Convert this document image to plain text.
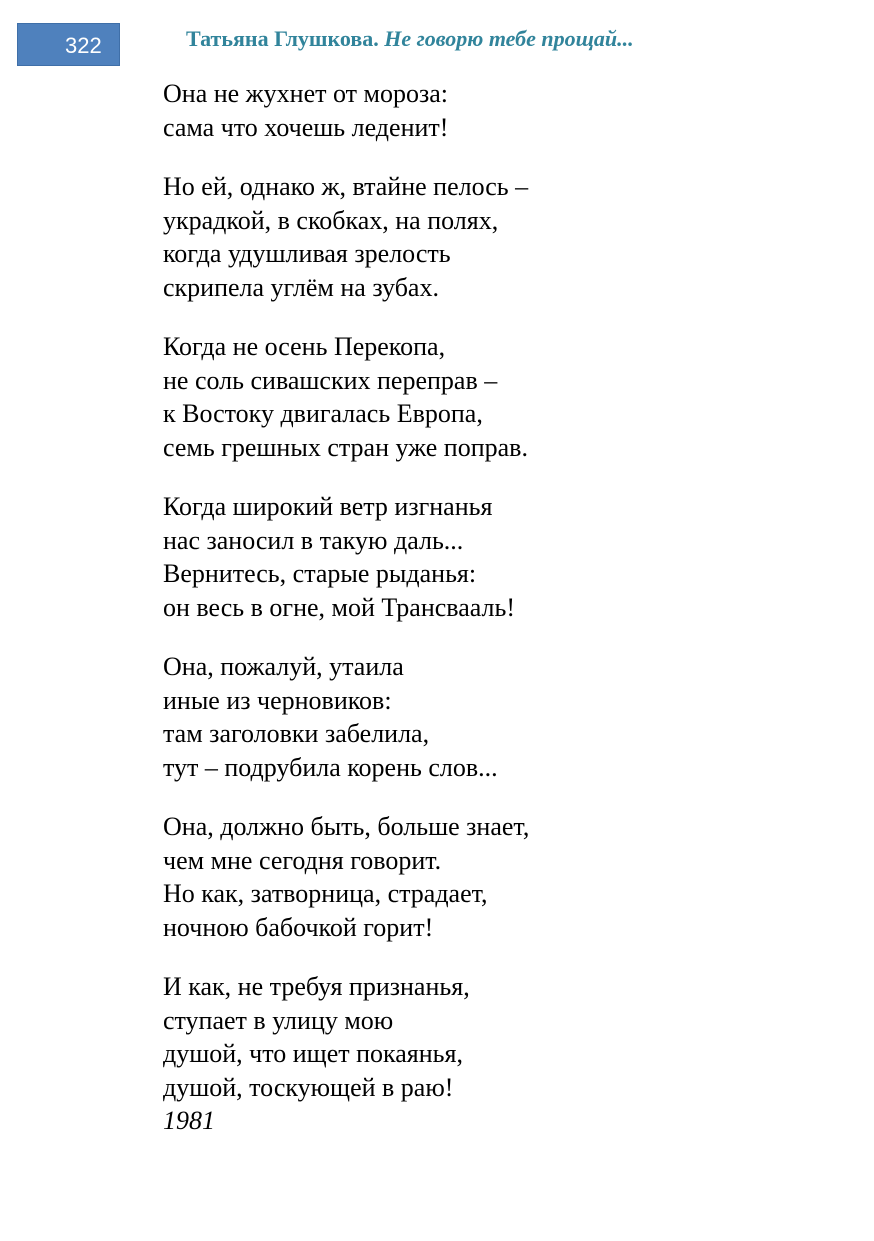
322	Татьяна Глушкова. Не говорю тебе прощай...
Она не жухнет от мороза:
сама что хочешь леденит!
Но ей, однако ж, втайне пелось –
украдкой, в скобках, на полях,
когда удушливая зрелость
скрипела углём на зубах.
Когда не осень Перекопа,
не соль сивашских переправ –
к Востоку двигалась Европа,
семь грешных стран уже поправ.
Когда широкий ветр изгнанья
нас заносил в такую даль...
Вернитесь, старые рыданья:
он весь в огне, мой Трансвааль!
Она, пожалуй, утаила
иные из черновиков:
там заголовки забелила,
тут – подрубила корень слов...
Она, должно быть, больше знает,
чем мне сегодня говорит.
Но как, затворница, страдает,
ночною бабочкой горит!
И как, не требуя признанья,
ступает в улицу мою
душой, что ищет покаянья,
душой, тоскующей в раю!
1981
